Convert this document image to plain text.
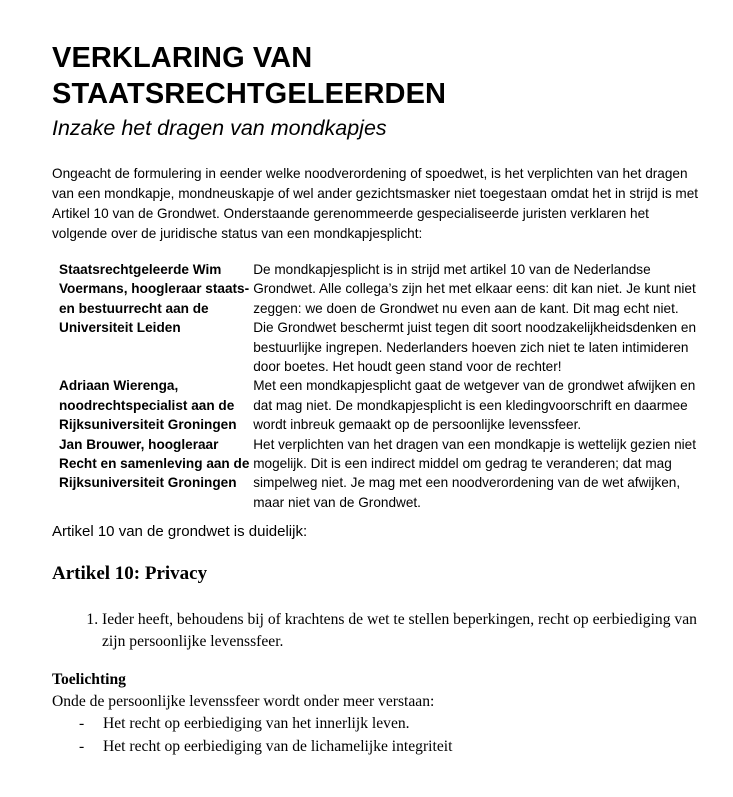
VERKLARING VAN STAATSRECHTGELEERDEN
Inzake het dragen van mondkapjes

Ongeacht de formulering in eender welke noodverordening of spoedwet, is het verplichten van het dragen van een mondkapje, mondneuskapje of wel ander gezichtsmasker niet toegestaan omdat het in strijd is met Artikel 10 van de Grondwet. Onderstaande gerenommeerde gespecialiseerde juristen verklaren het volgende over de juridische status van een mondkapjesplicht:

Staatsrechtgeleerde Wim Voermans, hoogleraar staats- en bestuurrecht aan de Universiteit Leiden	De mondkapjesplicht is in strijd met artikel 10 van de Nederlandse Grondwet. Alle collega’s zijn het met elkaar eens: dit kan niet. Je kunt niet zeggen: we doen de Grondwet nu even aan de kant. Dit mag echt niet. Die Grondwet beschermt juist tegen dit soort noodzakelijkheidsdenken en bestuurlijke ingrepen. Nederlanders hoeven zich niet te laten intimideren door boetes. Het houdt geen stand voor de rechter!
Adriaan Wierenga, noodrechtspecialist aan de Rijksuniversiteit Groningen	Met een mondkapjesplicht gaat de wetgever van de grondwet afwijken en dat mag niet. De mondkapjesplicht is een kledingvoorschrift en daarmee wordt inbreuk gemaakt op de persoonlijke levenssfeer.
Jan Brouwer, hoogleraar Recht en samenleving aan de Rijksuniversiteit Groningen	Het verplichten van het dragen van een mondkapje is wettelijk gezien niet mogelijk. Dit is een indirect middel om gedrag te veranderen; dat mag simpelweg niet. Je mag met een noodverordening van de wet afwijken, maar niet van de Grondwet.

Artikel 10 van de grondwet is duidelijk:

Artikel 10: Privacy
1. Ieder heeft, behoudens bij of krachtens de wet te stellen beperkingen, recht op eerbiediging van zijn persoonlijke levenssfeer.
Toelichting
Onde de persoonlijke levenssfeer wordt onder meer verstaan:
- Het recht op eerbiediging van het innerlijk leven.
- Het recht op eerbiediging van de lichamelijke integriteit
